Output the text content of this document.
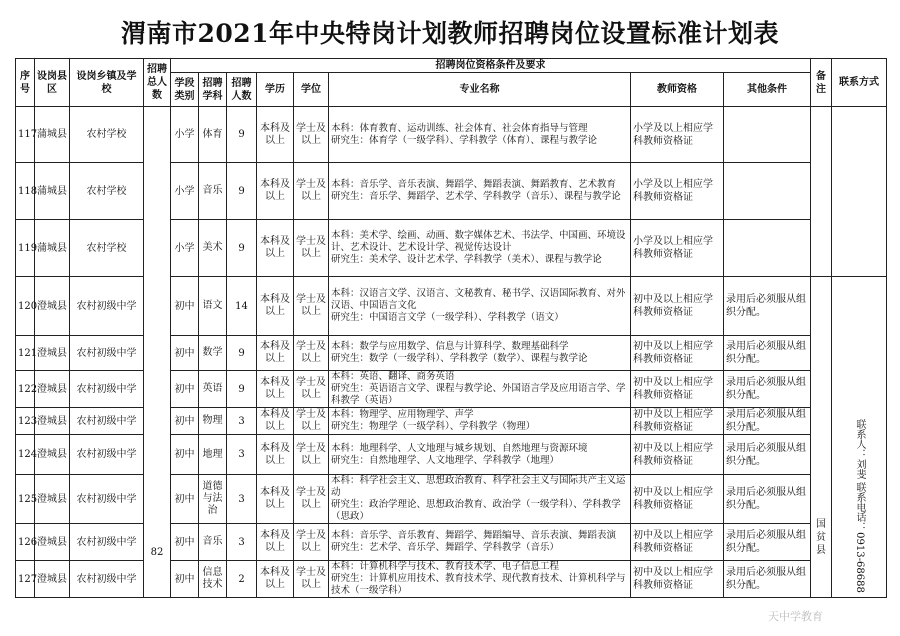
渭南市2021年中央特岗计划教师招聘岗位设置标准计划表
序号	设岗县区	设岗乡镇及学校	招聘总人数	招聘岗位资格条件及要求								备注	联系方式
				学段类别	招聘学科	招聘人数	学历	学位	专业名称	教师资格	其他条件		
117	蒲城县	农村学校	82	小学	体育	9	本科及以上	学士及以上	本科：体育教育、运动训练、社会体育、社会体育指导与管理
研究生：体育学（一级学科）、学科教学（体育）、课程与教学论	小学及以上相应学科教师资格证			
118	蒲城县	农村学校		小学	音乐	9	本科及以上	学士及以上	本科：音乐学、音乐表演、舞蹈学、舞蹈表演、舞蹈教育、艺术教育
研究生：音乐学、舞蹈学、艺术学、学科教学（音乐）、课程与教学论	小学及以上相应学科教师资格证			
119	蒲城县	农村学校		小学	美术	9	本科及以上	学士及以上	本科：美术学、绘画、动画、数字媒体艺术、书法学、中国画、环境设计、艺术设计、艺术设计学、视觉传达设计
研究生：美术学、设计艺术学、学科教学（美术）、课程与教学论	小学及以上相应学科教师资格证			
120	澄城县	农村初级中学		初中	语文	14	本科及以上	学士及以上	本科：汉语言文学、汉语言、文秘教育、秘书学、汉语国际教育、对外汉语、中国语言文化
研究生：中国语言文学（一级学科）、学科教学（语文）	初中及以上相应学科教师资格证	录用后必须服从组织分配。	国贫县	联系人：刘斐 联系电话：0913-68688
121	澄城县	农村初级中学		初中	数学	9	本科及以上	学士及以上	本科：数学与应用数学、信息与计算科学、数理基础科学
研究生：数学（一级学科）、学科教学（数学）、课程与教学论	初中及以上相应学科教师资格证	录用后必须服从组织分配。		
122	澄城县	农村初级中学		初中	英语	9	本科及以上	学士及以上	本科：英语、翻译、商务英语
研究生：英语语言文学、课程与教学论、外国语言学及应用语言学、学科教学（英语）	初中及以上相应学科教师资格证	录用后必须服从组织分配。		
123	澄城县	农村初级中学		初中	物理	3	本科及以上	学士及以上	本科：物理学、应用物理学、声学
研究生：物理学（一级学科）、学科教学（物理）	初中及以上相应学科教师资格证	录用后必须服从组织分配。		
124	澄城县	农村初级中学		初中	地理	3	本科及以上	学士及以上	本科：地理科学、人文地理与城乡规划、自然地理与资源环境
研究生：自然地理学、人文地理学、学科教学（地理）	初中及以上相应学科教师资格证	录用后必须服从组织分配。		
125	澄城县	农村初级中学		初中	道德与法治	3	本科及以上	学士及以上	本科：科学社会主义、思想政治教育、科学社会主义与国际共产主义运动
研究生：政治学理论、思想政治教育、政治学（一级学科）、学科教学（思政）	初中及以上相应学科教师资格证	录用后必须服从组织分配。		
126	澄城县	农村初级中学		初中	音乐	3	本科及以上	学士及以上	本科：音乐学、音乐教育、舞蹈学、舞蹈编导、音乐表演、舞蹈表演
研究生：艺术学、音乐学、舞蹈学、学科教学（音乐）	初中及以上相应学科教师资格证	录用后必须服从组织分配。		
127	澄城县	农村初级中学		初中	信息技术	2	本科及以上	学士及以上	本科：计算机科学与技术、教育技术学、电子信息工程
研究生：计算机应用技术、教育技术学、现代教育技术、计算机科学与技术（一级学科）	初中及以上相应学科教师资格证	录用后必须服从组织分配。		
天中学教育
